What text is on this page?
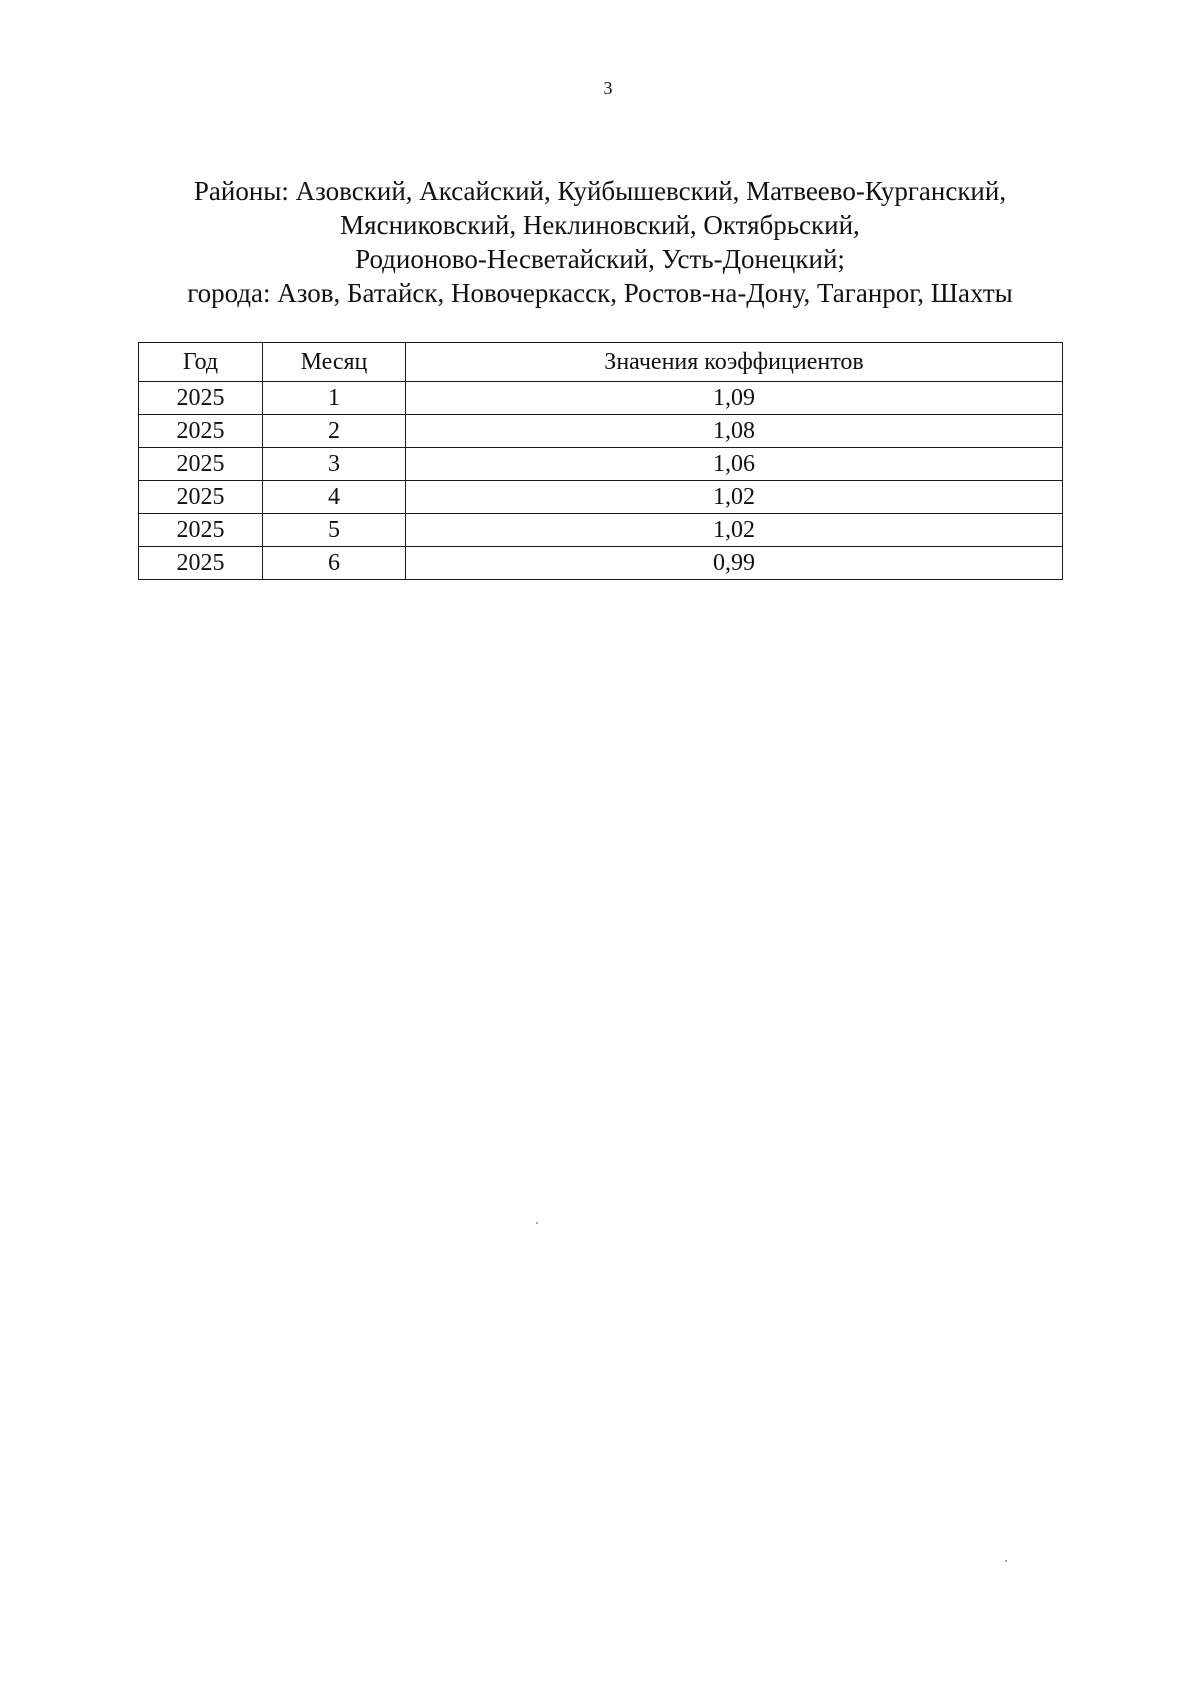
3
Районы: Азовский, Аксайский, Куйбышевский, Матвеево-Курганский,
Мясниковский, Неклиновский, Октябрьский,
Родионово-Несветайский, Усть-Донецкий;
города: Азов, Батайск, Новочеркасск, Ростов-на-Дону, Таганрог, Шахты
Год	Месяц	Значения коэффициентов
2025	1	1,09
2025	2	1,08
2025	3	1,06
2025	4	1,02
2025	5	1,02
2025	6	0,99
